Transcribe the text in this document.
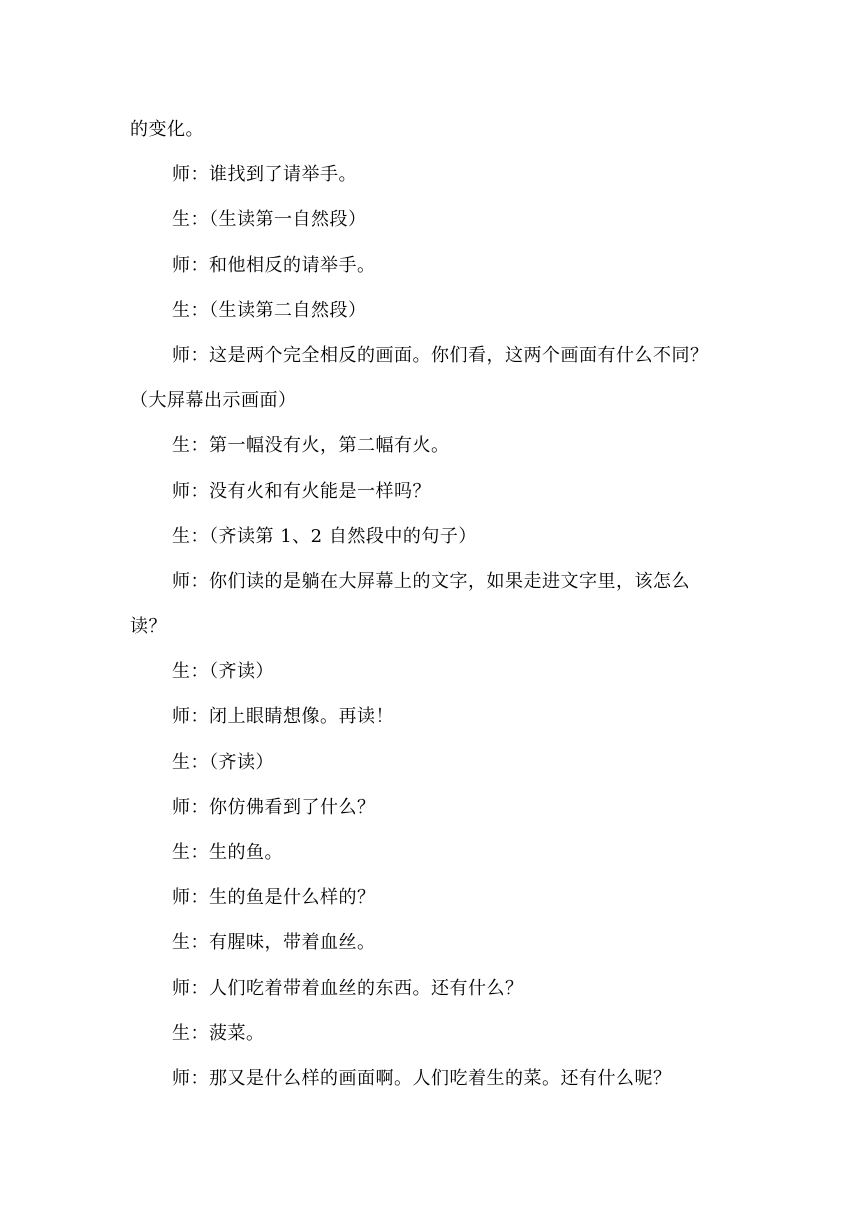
的变化。
师：谁找到了请举手。
生：（生读第一自然段）
师：和他相反的请举手。
生：（生读第二自然段）
师：这是两个完全相反的画面。你们看，这两个画面有什么不同？
（大屏幕出示画面）
生：第一幅没有火，第二幅有火。
师：没有火和有火能是一样吗？
生：（齐读第 1、2 自然段中的句子）
师：你们读的是躺在大屏幕上的文字，如果走进文字里，该怎么
读？
生：（齐读）
师：闭上眼睛想像。再读！
生：（齐读）
师：你仿佛看到了什么？
生：生的鱼。
师：生的鱼是什么样的？
生：有腥味，带着血丝。
师：人们吃着带着血丝的东西。还有什么？
生：菠菜。
师：那又是什么样的画面啊。人们吃着生的菜。还有什么呢？
